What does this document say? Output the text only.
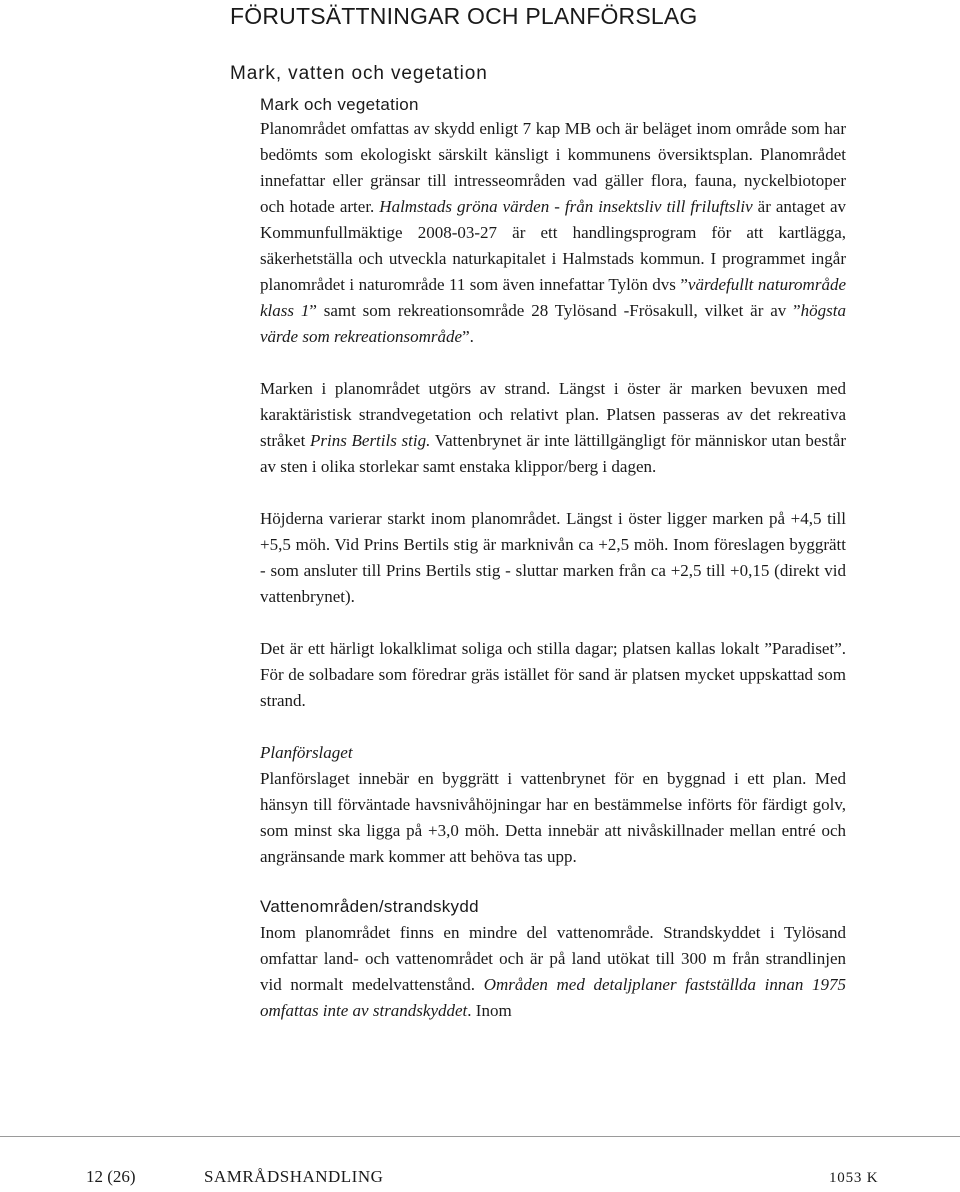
FÖRUTSÄTTNINGAR OCH PLANFÖRSLAG
Mark, vatten och vegetation
Mark och vegetation

Planområdet omfattas av skydd enligt 7 kap MB och är beläget inom område som har bedömts som ekologiskt särskilt känsligt i kommunens översiktsplan. Planområdet innefattar eller gränsar till intresseområden vad gäller flora, fauna, nyckelbiotoper och hotade arter. Halmstads gröna värden - från insektsliv till friluftsliv är antaget av Kommunfullmäktige 2008-03-27 är ett handlingsprogram för att kartlägga, säkerhetställa och utveckla naturkapitalet i Halmstads kommun. I programmet ingår planområdet i naturområde 11 som även innefattar Tylön dvs ”värdefullt naturområde klass 1” samt som rekreationsområde 28 Tylösand -Frösakull, vilket är av ”högsta värde som rekreationsområde”.

Marken i planområdet utgörs av strand. Längst i öster är marken bevuxen med karaktäristisk strandvegetation och relativt plan. Platsen passeras av det rekreativa stråket Prins Bertils stig. Vattenbrynet är inte lättillgängligt för människor utan består av sten i olika storlekar samt enstaka klippor/berg i dagen.

Höjderna varierar starkt inom planområdet. Längst i öster ligger marken på +4,5 till +5,5 möh. Vid Prins Bertils stig är marknivån ca +2,5 möh. Inom föreslagen byggrätt - som ansluter till Prins Bertils stig - sluttar marken från ca +2,5 till +0,15 (direkt vid vattenbrynet).

Det är ett härligt lokalklimat soliga och stilla dagar; platsen kallas lokalt ”Paradiset”. För de solbadare som föredrar gräs istället för sand är platsen mycket uppskattad som strand.

Planförslaget

Planförslaget innebär en byggrätt i vattenbrynet för en byggnad i ett plan. Med hänsyn till förväntade havsnivåhöjningar har en bestämmelse införts för färdigt golv, som minst ska ligga på +3,0 möh. Detta innebär att nivåskillnader mellan entré och angränsande mark kommer att behöva tas upp.

Vattenområden/strandskydd

Inom planområdet finns en mindre del vattenområde. Strandskyddet i Tylösand omfattar land- och vattenområdet och är på land utökat till 300 m från strandlinjen vid normalt medelvattenstånd. Områden med detaljplaner fastställda innan 1975 omfattas inte av strandskyddet. Inom

12 (26)	SAMRÅDSHANDLING	1053 K
